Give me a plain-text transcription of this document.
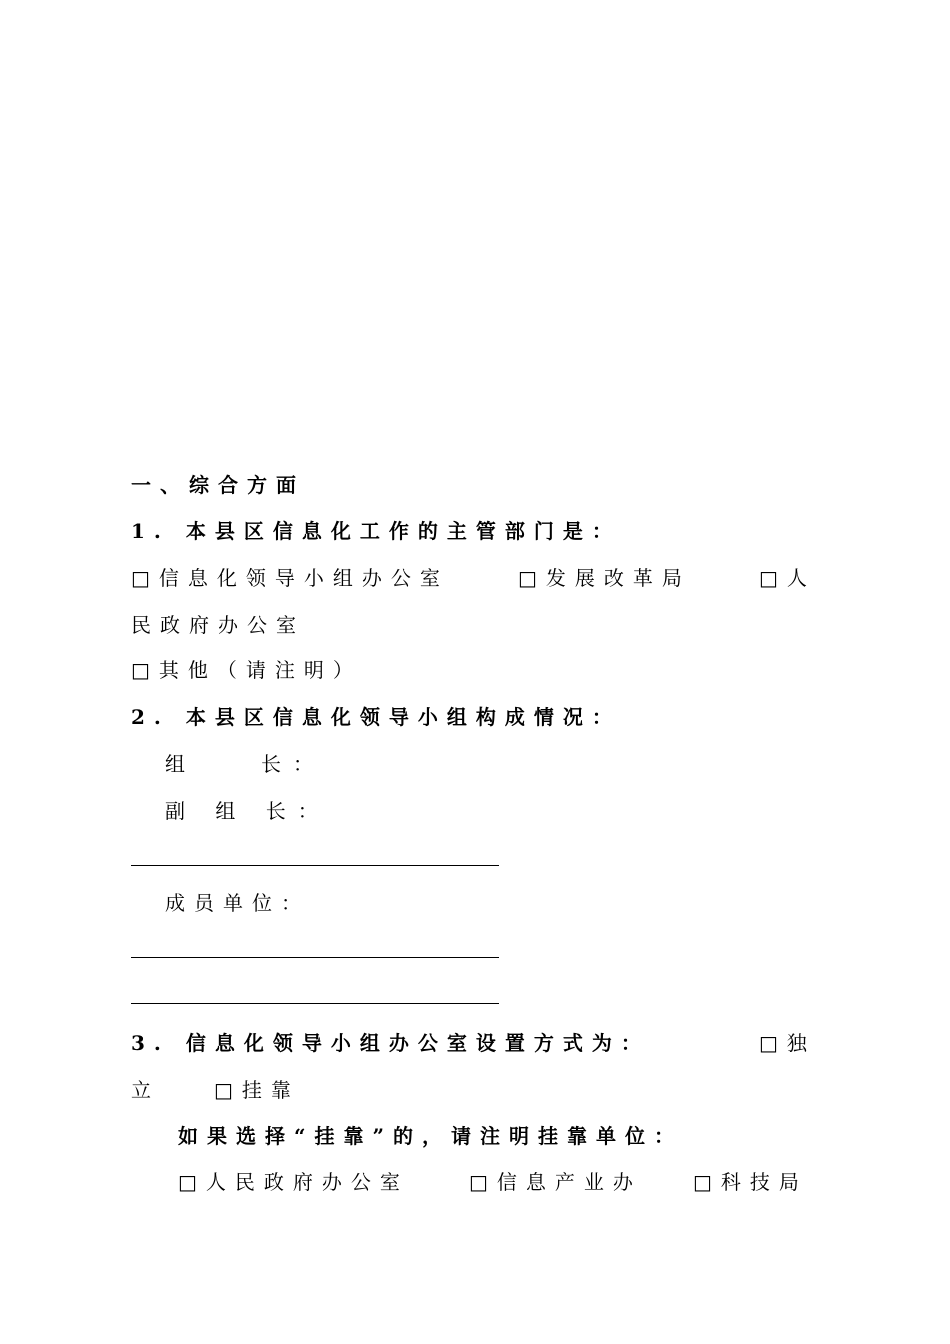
一、综合方面
1. 本县区信息化工作的主管部门是：
□信息化领导小组办公室	□发展改革局	□人
民政府办公室
□其他（请注明）
2. 本县区信息化领导小组构成情况：
组　　长：
副 组 长：
成员单位：
3. 信息化领导小组办公室设置方式为：	□独
立	□挂靠
如果选择“挂靠”的，请注明挂靠单位：
□人民政府办公室	□信息产业办	□科技局
